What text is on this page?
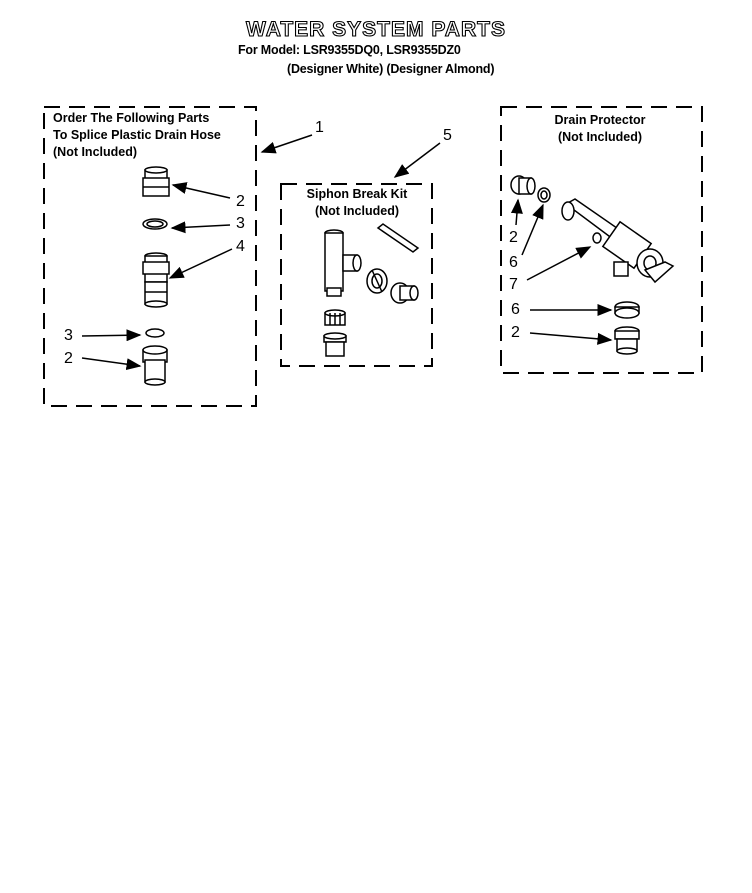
WATER SYSTEM PARTS
For Model: LSR9355DQ0, LSR9355DZ0
(Designer White) (Designer Almond)
Order The Following Parts
To Splice Plastic Drain Hose
(Not Included)
Siphon Break Kit
(Not Included)
Drain Protector
(Not Included)
1
2
3
4
3
2
5
2
6
7
6
2
